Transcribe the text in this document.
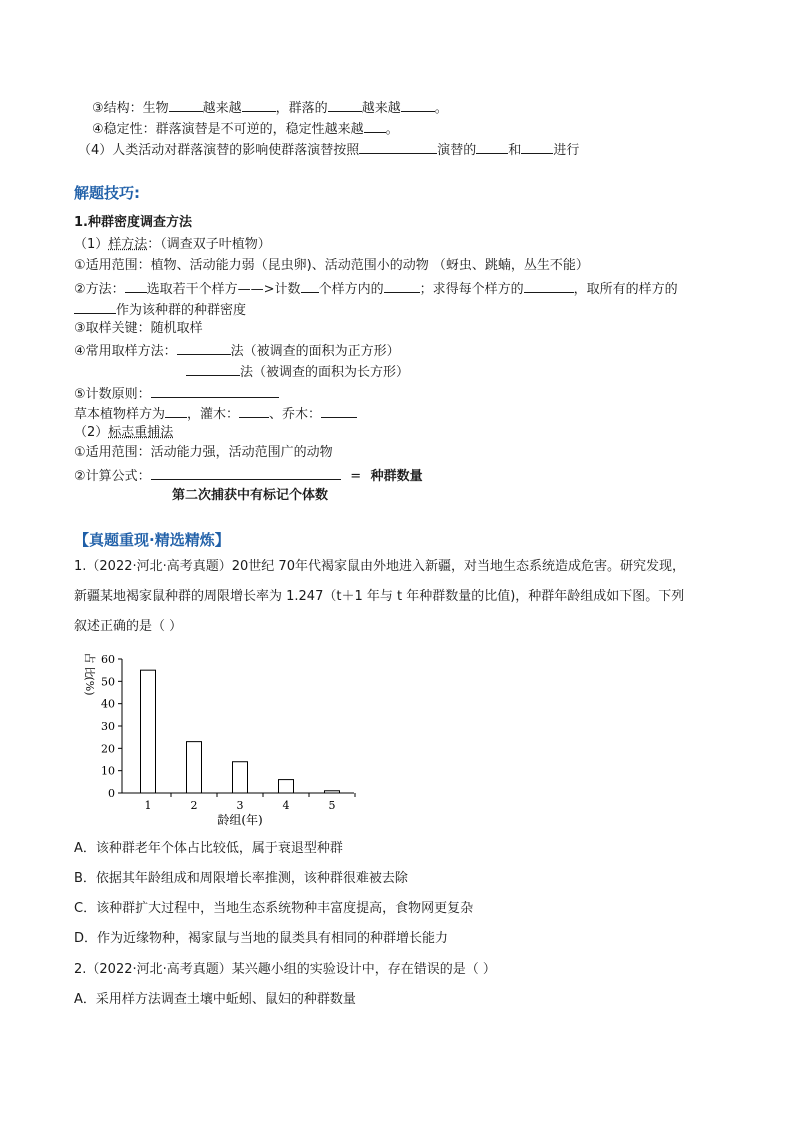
③结构：生物	越来越	，群落的	越来越	。
④稳定性：群落演替是不可逆的，稳定性越来越 。
（4）人类活动对群落演替的影响使群落演替按照	演替的 和 进行
解题技巧:
1.种群密度调查方法
（1）样方法：（调查双子叶植物）
①适用范围：植物、活动能力弱（昆虫卵)、活动范围小的动物 （蚜虫、跳蝻，丛生不能）
②方法： 选取若干个样方——>计数 个样方内的	；求得每个样方的	，取所有的样方的
作为该种群的种群密度
③取样关键：随机取样
④常用取样方法：	法（被调查的面积为正方形）
法（被调查的面积为长方形）
⑤计数原则：
草本植物样方为 ，灌木： 、乔木：
（2）标志重捕法
①适用范围：活动能力强，活动范围广的动物
②计算公式：	= 种群数量
第二次捕获中有标记个体数
【真题重现·精选精炼】
1.（2022·河北·高考真题）20世纪 70年代褐家鼠由外地进入新疆，对当地生态系统造成危害。研究发现，
新疆某地褐家鼠种群的周限增长率为 1.247（t＋1 年与 t 年种群数量的比值)，种群年龄组成如下图。下列
叙述正确的是（ ）
占
比
(%)
0
10
20
30
40
50
60
1	2	3	4	5
龄组(年)
A．该种群老年个体占比较低，属于衰退型种群
B．依据其年龄组成和周限增长率推测，该种群很难被去除
C．该种群扩大过程中，当地生态系统物种丰富度提高，食物网更复杂
D．作为近缘物种，褐家鼠与当地的鼠类具有相同的种群增长能力
2.（2022·河北·高考真题）某兴趣小组的实验设计中，存在错误的是（ ）
A．采用样方法调查土壤中蚯蚓、鼠妇的种群数量
